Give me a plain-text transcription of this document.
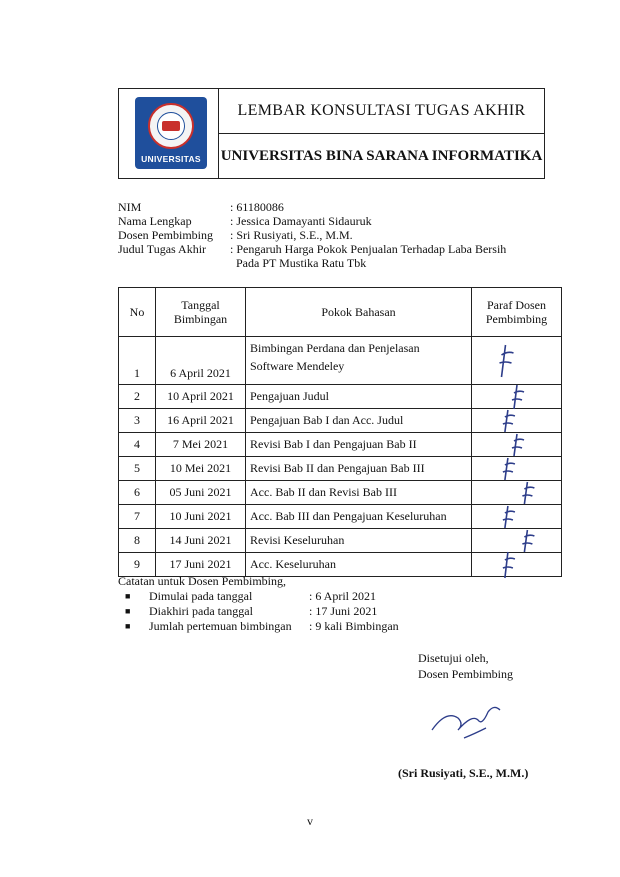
UNIVERSITAS
LEMBAR KONSULTASI TUGAS AKHIR
UNIVERSITAS BINA SARANA INFORMATIKA
NIM	: 61180086
Nama Lengkap	: Jessica Damayanti Sidauruk
Dosen Pembimbing	: Sri Rusiyati, S.E., M.M.
Judul Tugas Akhir	: Pengaruh Harga Pokok Penjualan Terhadap Laba Bersih
Pada PT Mustika Ratu Tbk
No	Tanggal Bimbingan	Pokok Bahasan	Paraf Dosen Pembimbing
1	6 April 2021	Bimbingan Perdana dan Penjelasan
Software Mendeley

2	10 April 2021	Pengajuan Judul	

3	16 April 2021	Pengajuan Bab I dan Acc. Judul	

4	7 Mei 2021	Revisi Bab I dan Pengajuan Bab II	

5	10 Mei 2021	Revisi Bab II dan Pengajuan Bab III	

6	05 Juni 2021	Acc. Bab II dan Revisi Bab III	

7	10 Juni 2021	Acc. Bab III dan Pengajuan Keseluruhan	

8	14 Juni 2021	Revisi Keseluruhan	

9	17 Juni 2021	Acc. Keseluruhan	
Catatan untuk Dosen Pembimbing,
■	Dimulai pada tanggal	: 6 April 2021
■	Diakhiri pada tanggal	: 17 Juni 2021
■	Jumlah pertemuan bimbingan	: 9 kali Bimbingan
Disetujui oleh,
Dosen Pembimbing
(Sri Rusiyati, S.E., M.M.)
v
